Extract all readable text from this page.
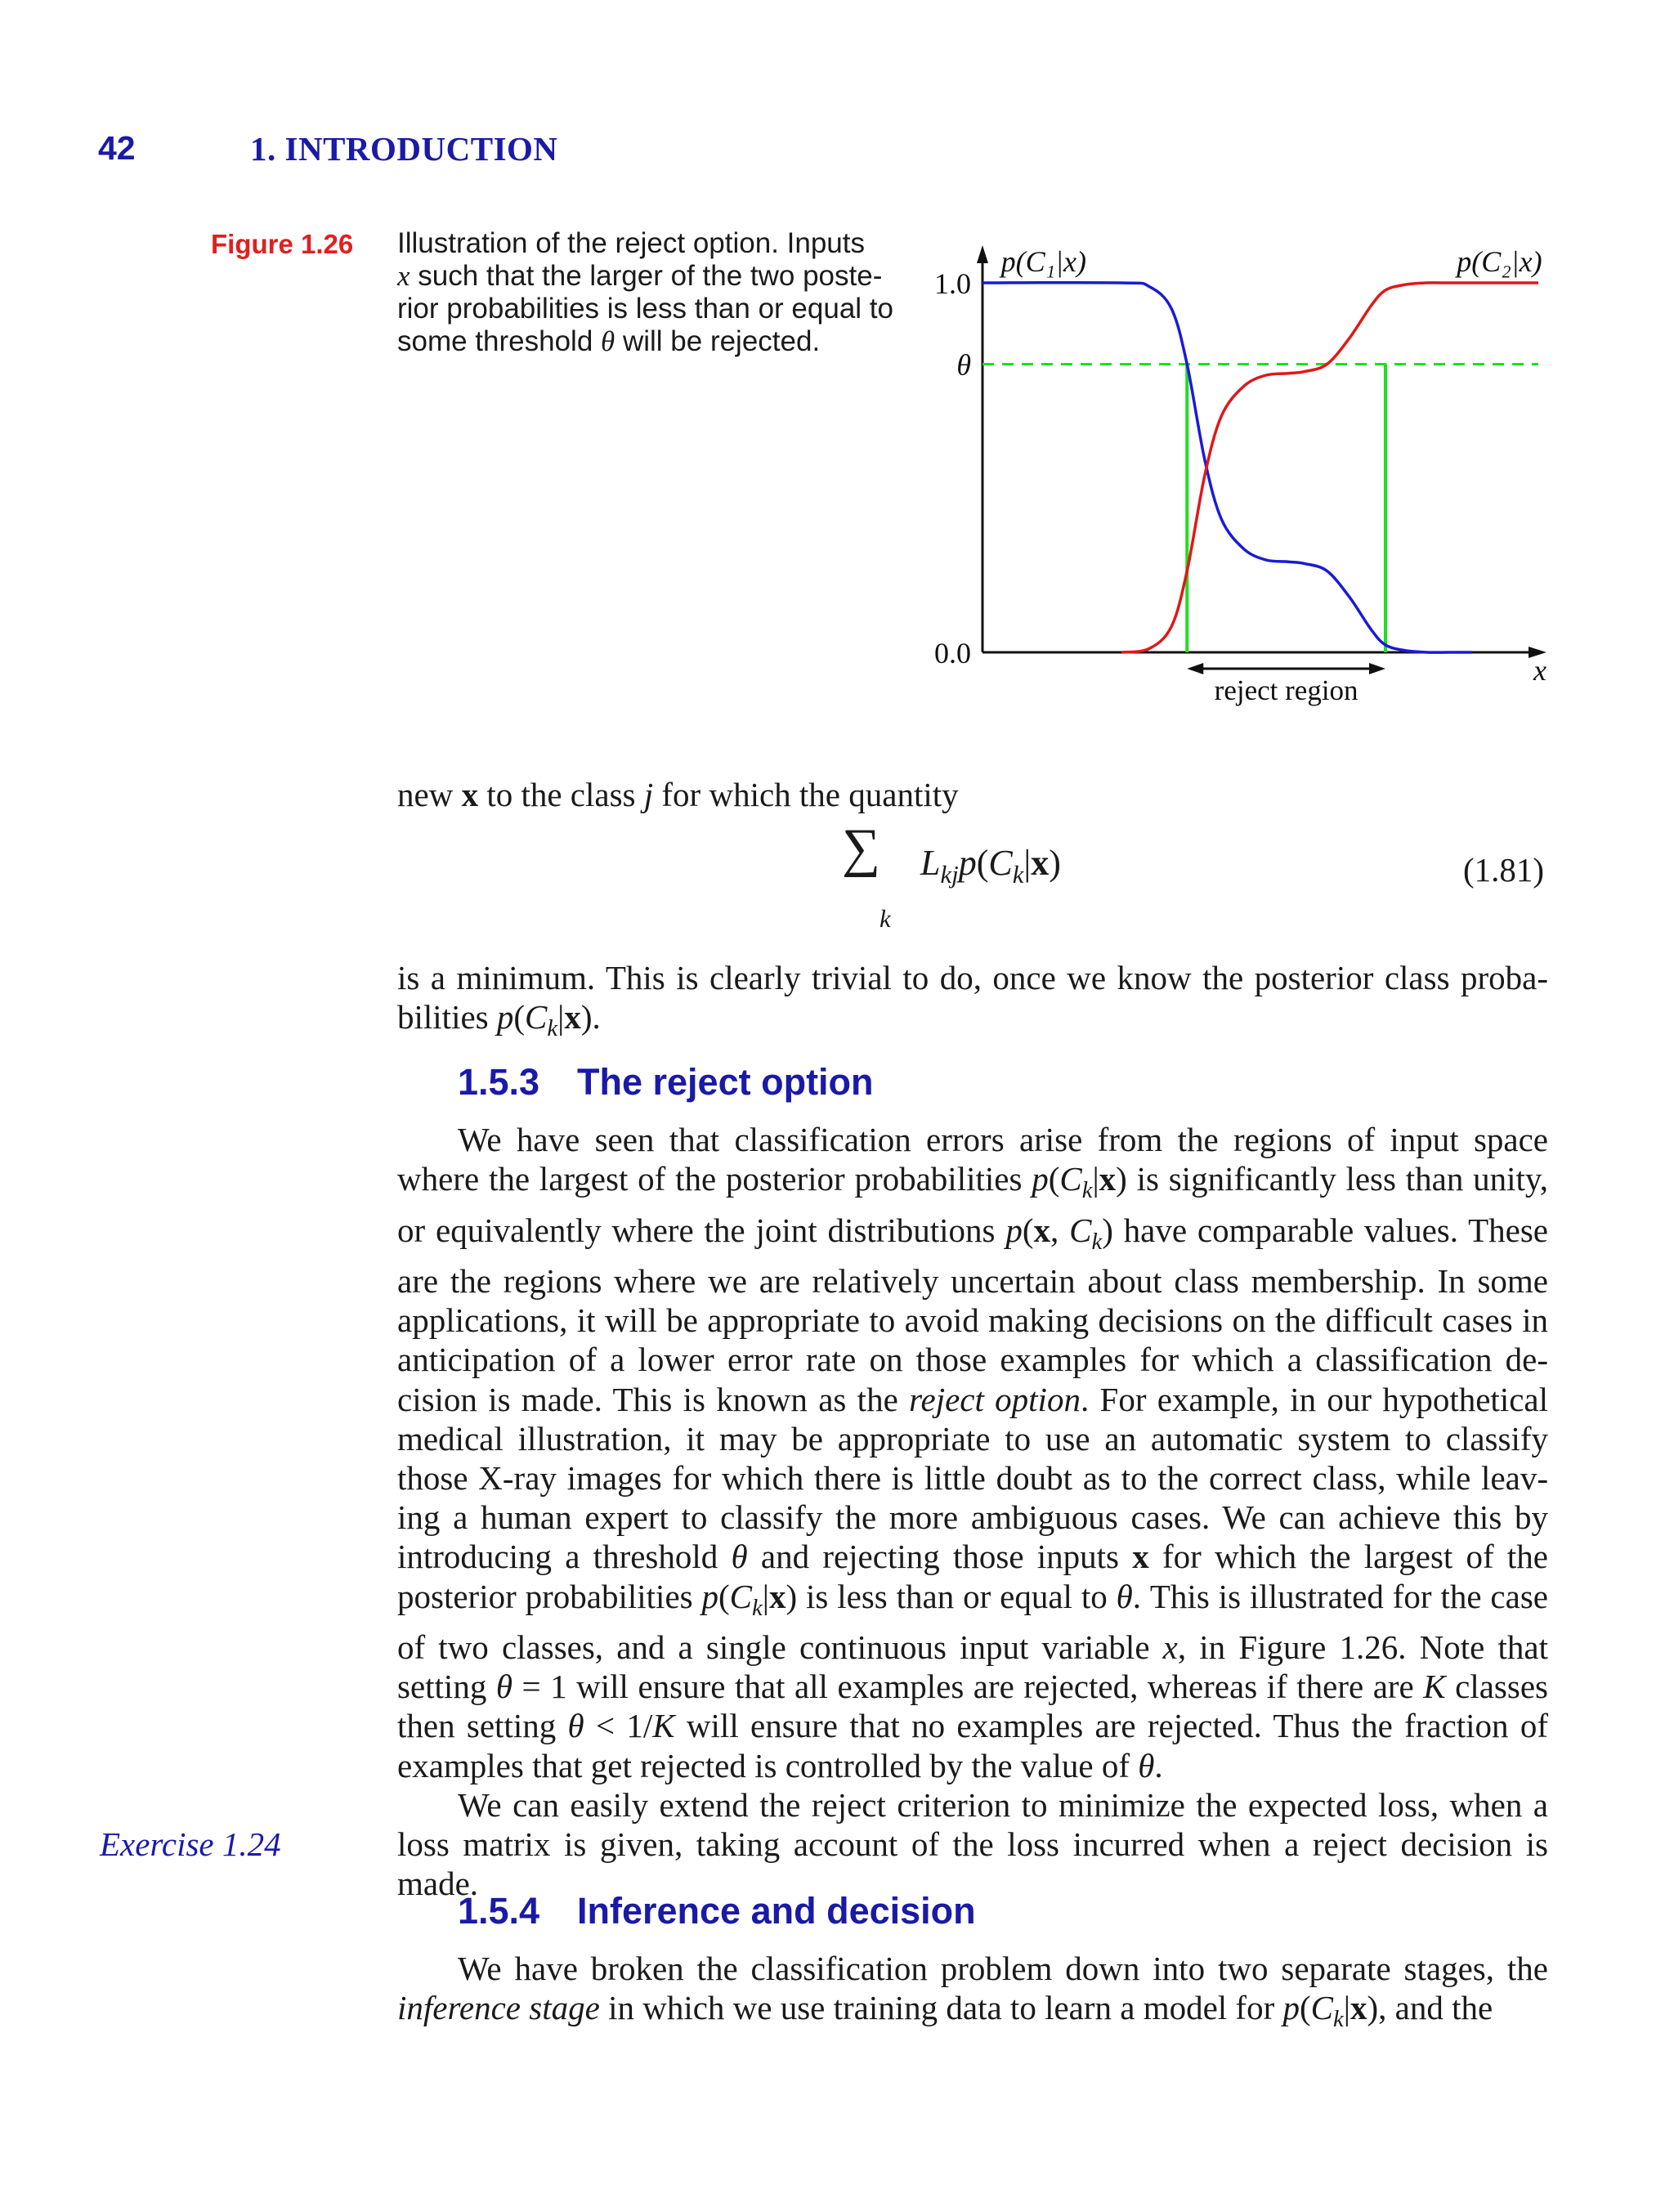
42	1. INTRODUCTION
Figure 1.26 Illustration of the reject option. Inputs
x such that the larger of the two poste-
rior probabilities is less than or equal to
some threshold θ will be rejected.
1.0
θ
0.0
p(C₁|x)	p(C₂|x)
x
reject region
new x to the class j for which the quantity
∑
k
$L_{kj}p(C_k|x)$	(1.81)

is a minimum. This is clearly trivial to do, once we know the posterior class proba- bilities $p(C_k|x)$.

1.5.3 The reject option

We have seen that classification errors arise from the regions of input space where the largest of the posterior probabilities $p(C_k|x)$ is significantly less than unity, or equivalently where the joint distributions p(x, $C_k$) have comparable values. These are the regions where we are relatively uncertain about class membership. In some applications, it will be appropriate to avoid making decisions on the difficult cases in anticipation of a lower error rate on those examples for which a classification de- cision is made. This is known as the reject option. For example, in our hypothetical medical illustration, it may be appropriate to use an automatic system to classify those X-ray images for which there is little doubt as to the correct class, while leav- ing a human expert to classify the more ambiguous cases. We can achieve this by introducing a threshold θ and rejecting those inputs x for which the largest of the posterior probabilities $p(C_k|x)$ is less than or equal to θ. This is illustrated for the case of two classes, and a single continuous input variable x, in Figure 1.26. Note that setting θ = 1 will ensure that all examples are rejected, whereas if there are K classes then setting θ < 1/K will ensure that no examples are rejected. Thus the fraction of examples that get rejected is controlled by the value of θ.

We can easily extend the reject criterion to minimize the expected loss, when a loss matrix is given, taking account of the loss incurred when a reject decision is made.

Exercise 1.24
1.5.4 Inference and decision

We have broken the classification problem down into two separate stages, the inference stage in which we use training data to learn a model for $p(C_k|x)$, and the
